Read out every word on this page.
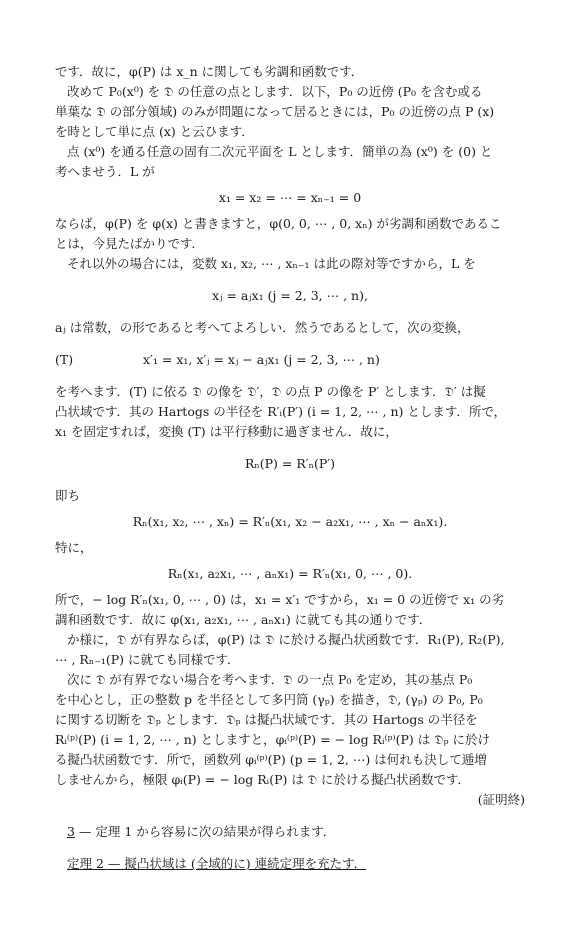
です．故に，φ(P) は x_n に関しても劣調和函数です．
改めて P₀(x⁰) を 𝔇 の任意の点とします．以下，P₀ の近傍 (P₀ を含む或る
単葉な 𝔇 の部分領域) のみが問題になって居るときには，P₀ の近傍の点 P (x)
を時として単に点 (x) と云ひます．
点 (x⁰) を通る任意の固有二次元平面を L とします．簡単の為 (x⁰) を (0) と
考へませう．L が
x₁ = x₂ = ⋯ = xₙ₋₁ = 0
ならば，φ(P) を φ(x) と書きますと，φ(0, 0, ⋯ , 0, xₙ) が劣調和函数であるこ
とは，今見たばかりです．
それ以外の場合には，変数 x₁, x₂, ⋯ , xₙ₋₁ は此の際対等ですから，L を
xⱼ = aⱼx₁ (j = 2, 3, ⋯ , n),
aⱼ は常数，の形であると考へてよろしい．然うであるとして，次の変換，
(T)	x′₁ = x₁, x′ⱼ = xⱼ − aⱼx₁ (j = 2, 3, ⋯ , n)
を考へます．(T) に依る 𝔇 の像を 𝔇′，𝔇 の点 P の像を P′ とします．𝔇′ は擬
凸状域です．其の Hartogs の半径を R′ᵢ(P′) (i = 1, 2, ⋯ , n) とします．所で，
x₁ を固定すれば，変換 (T) は平行移動に過ぎません．故に，
Rₙ(P) = R′ₙ(P′)
即ち
Rₙ(x₁, x₂, ⋯ , xₙ) = R′ₙ(x₁, x₂ − a₂x₁, ⋯ , xₙ − aₙx₁).
特に，
Rₙ(x₁, a₂x₁, ⋯ , aₙx₁) = R′ₙ(x₁, 0, ⋯ , 0).
所で，− log R′ₙ(x₁, 0, ⋯ , 0) は，x₁ = x′₁ ですから，x₁ = 0 の近傍で x₁ の劣
調和函数です．故に φ(x₁, a₂x₁, ⋯ , aₙx₁) に就ても其の通りです．
か様に，𝔇 が有界ならば，φ(P) は 𝔇 に於ける擬凸状函数です．R₁(P), R₂(P),
⋯ , Rₙ₋₁(P) に就ても同様です．
次に 𝔇 が有界でない場合を考へます．𝔇 の一点 P₀ を定め，其の基点 P₀
を中心とし，正の整数 p を半径として多円筒 (γₚ) を描き，𝔇, (γₚ) の P₀, P₀
に関する切断を 𝔇ₚ とします．𝔇ₚ は擬凸状域です．其の Hartogs の半径を
Rᵢ⁽ᵖ⁾(P) (i = 1, 2, ⋯ , n) としますと，φᵢ⁽ᵖ⁾(P) = − log Rᵢ⁽ᵖ⁾(P) は 𝔇ₚ に於け
る擬凸状函数です．所で，函数列 φᵢ⁽ᵖ⁾(P) (p = 1, 2, ⋯) は何れも決して逓増
しませんから，極限 φᵢ(P) = − log Rᵢ(P) は 𝔇 に於ける擬凸状函数です．
(証明終)
3 — 定理 1 から容易に次の結果が得られます．
定理 2 — 擬凸状域は (全域的に) 連続定理を充たす．
